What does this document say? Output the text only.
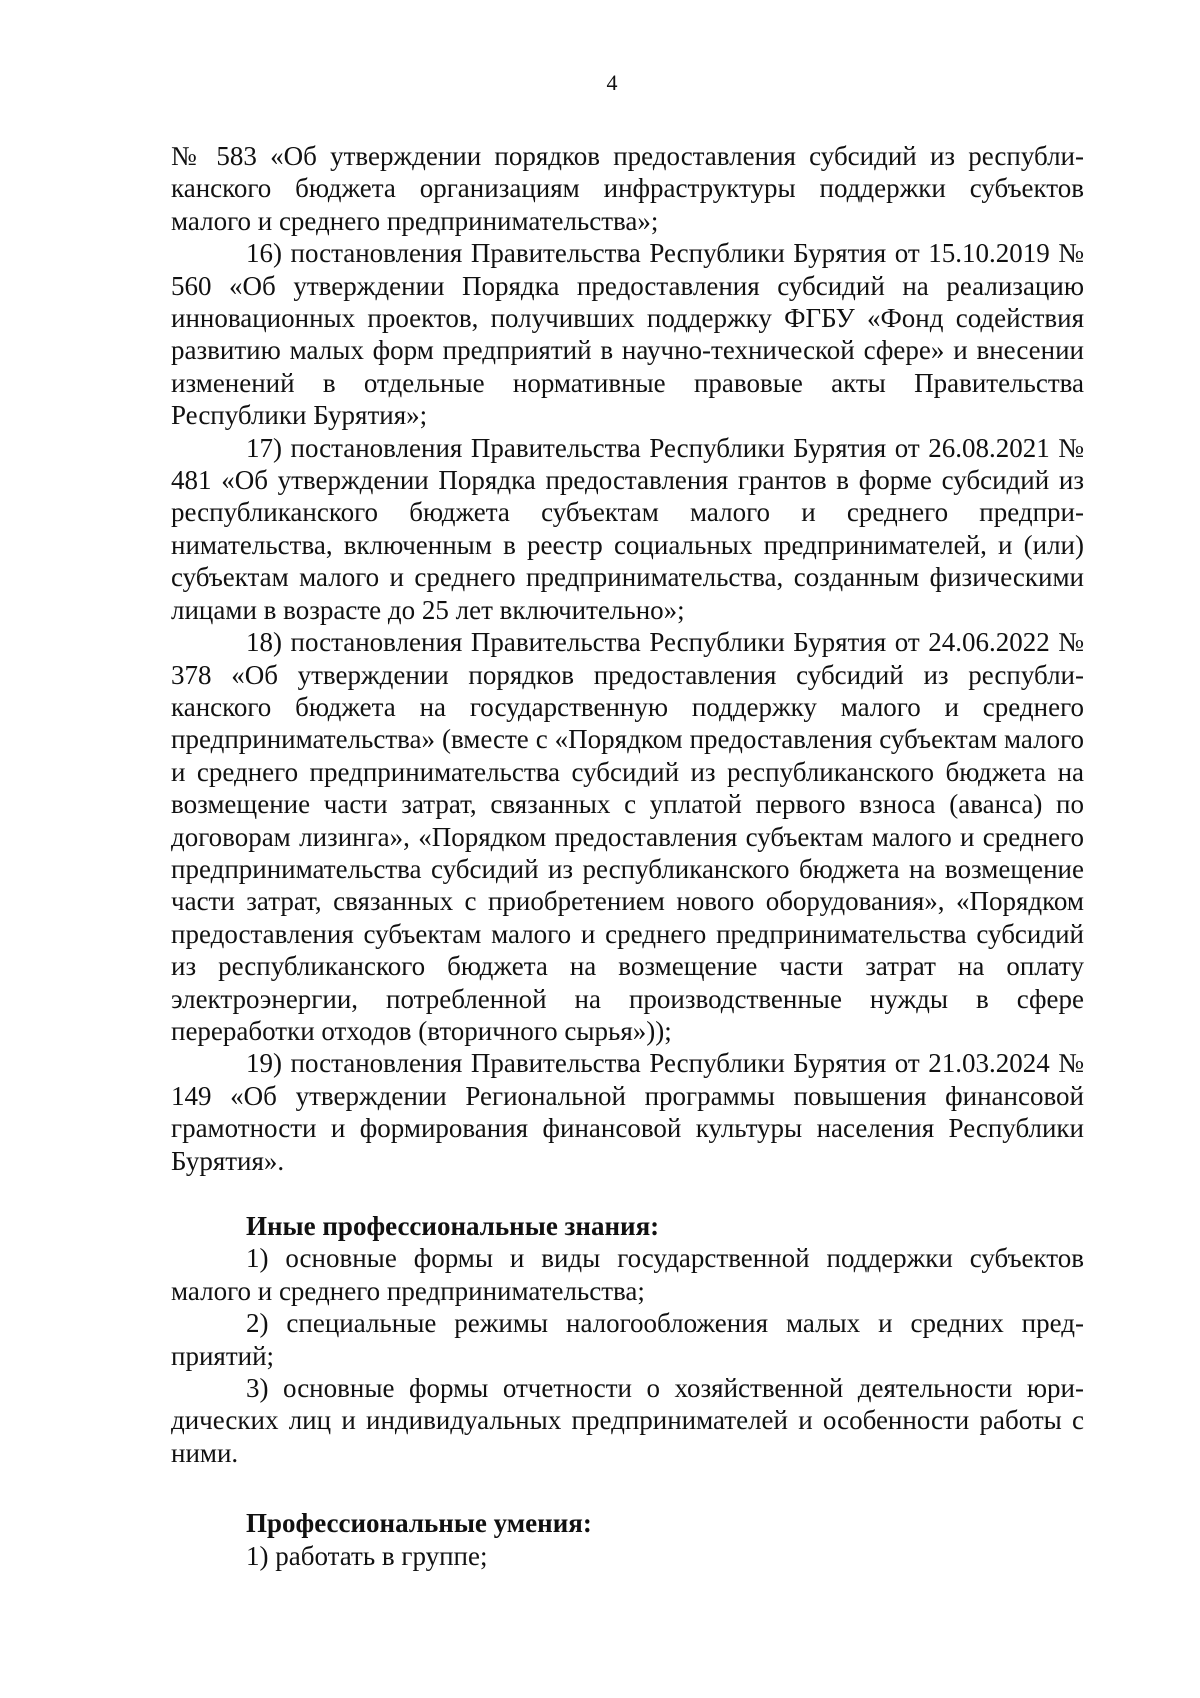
4

№ 583 «Об утверждении порядков предоставления субсидий из республиканского бюджета организациям инфраструктуры поддержки субъектов малого и среднего предпринимательства»;

16) постановления Правительства Республики Бурятия от 15.10.2019 № 560 «Об утверждении Порядка предоставления субсидий на реализацию инновационных проектов, получивших поддержку ФГБУ «Фонд содействия развитию малых форм предприятий в научно-технической сфере» и внесении изменений в отдельные нормативные правовые акты Правительства Республики Бурятия»;

17) постановления Правительства Республики Бурятия от 26.08.2021 № 481 «Об утверждении Порядка предоставления грантов в форме субсидий из республиканского бюджета субъектам малого и среднего предпринимательства, включенным в реестр социальных предпринимателей, и (или) субъектам малого и среднего предпринимательства, созданным физическими лицами в возрасте до 25 лет включительно»;

18) постановления Правительства Республики Бурятия от 24.06.2022 № 378 «Об утверждении порядков предоставления субсидий из республиканского бюджета на государственную поддержку малого и среднего предпринимательства» (вместе с «Порядком предоставления субъектам малого и среднего предпринимательства субсидий из республиканского бюджета на возмещение части затрат, связанных с уплатой первого взноса (аванса) по договорам лизинга», «Порядком предоставления субъектам малого и среднего предпринимательства субсидий из республиканского бюджета на возмещение части затрат, связанных с приобретением нового оборудования», «Порядком предоставления субъектам малого и среднего предпринимательства субсидий из республиканского бюджета на возмещение части затрат на оплату электроэнергии, потребленной на производственные нужды в сфере переработки отходов (вторичного сырья»));

19) постановления Правительства Республики Бурятия от 21.03.2024 № 149 «Об утверждении Региональной программы повышения финансовой грамотности и формирования финансовой культуры населения Республики Бурятия».

Иные профессиональные знания:

1) основные формы и виды государственной поддержки субъектов малого и среднего предпринимательства;

2) специальные режимы налогообложения малых и средних предприятий;

3) основные формы отчетности о хозяйственной деятельности юридических лиц и индивидуальных предпринимателей и особенности работы с ними.

Профессиональные умения:

1) работать в группе;
